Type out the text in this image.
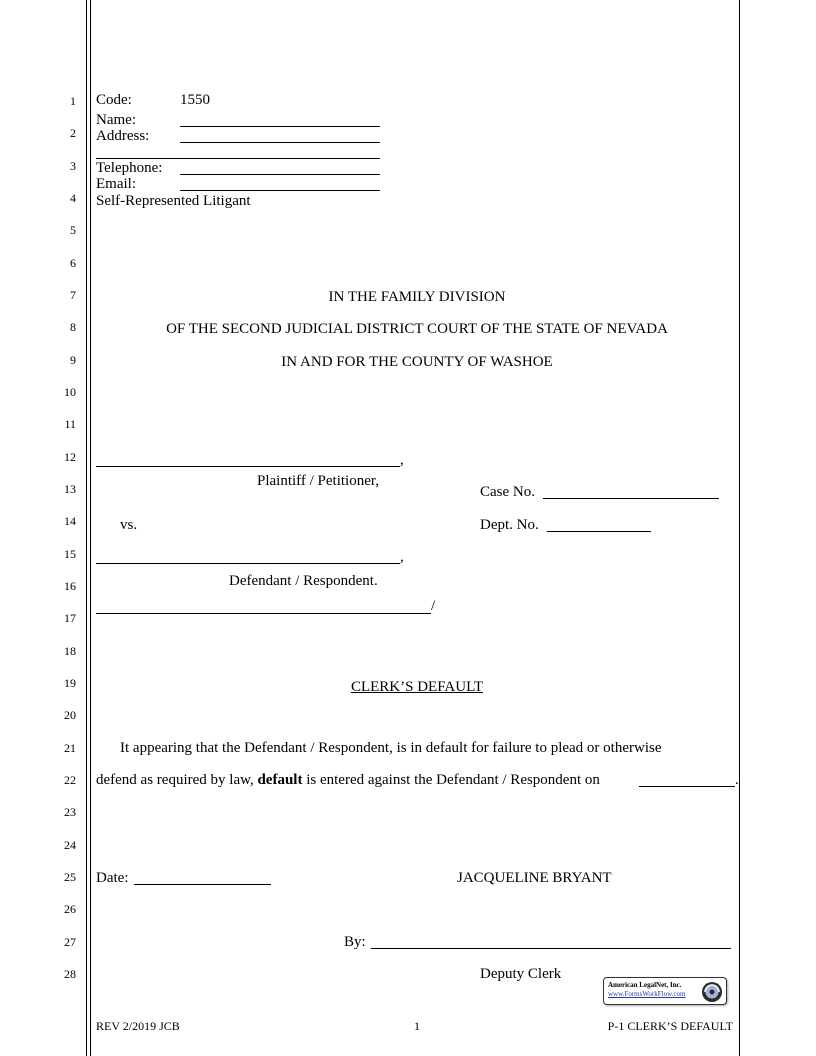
1
2
3
4
5
6
7
8
9
10
11
12
13
14
15
16
17
18
19
20
21
22
23
24
25
26
27
28
Code:	1550
Name:
Address:
Telephone:
Email:
Self-Represented Litigant
IN THE FAMILY DIVISION
OF THE SECOND JUDICIAL DISTRICT COURT OF THE STATE OF NEVADA
IN AND FOR THE COUNTY OF WASHOE
,
Plaintiff / Petitioner,
vs.
,
Defendant / Respondent.
/
Case No.
Dept. No.
CLERK’S DEFAULT
It appearing that the Defendant / Respondent, is in default for failure to plead or otherwise
defend as required by law, default is entered against the Defendant / Respondent on	.
Date:	JACQUELINE BRYANT
By:
Deputy Clerk
American LegalNet, Inc.
www.FormsWorkFlow.com
REV 2/2019 JCB	1	P-1 CLERK’S DEFAULT
